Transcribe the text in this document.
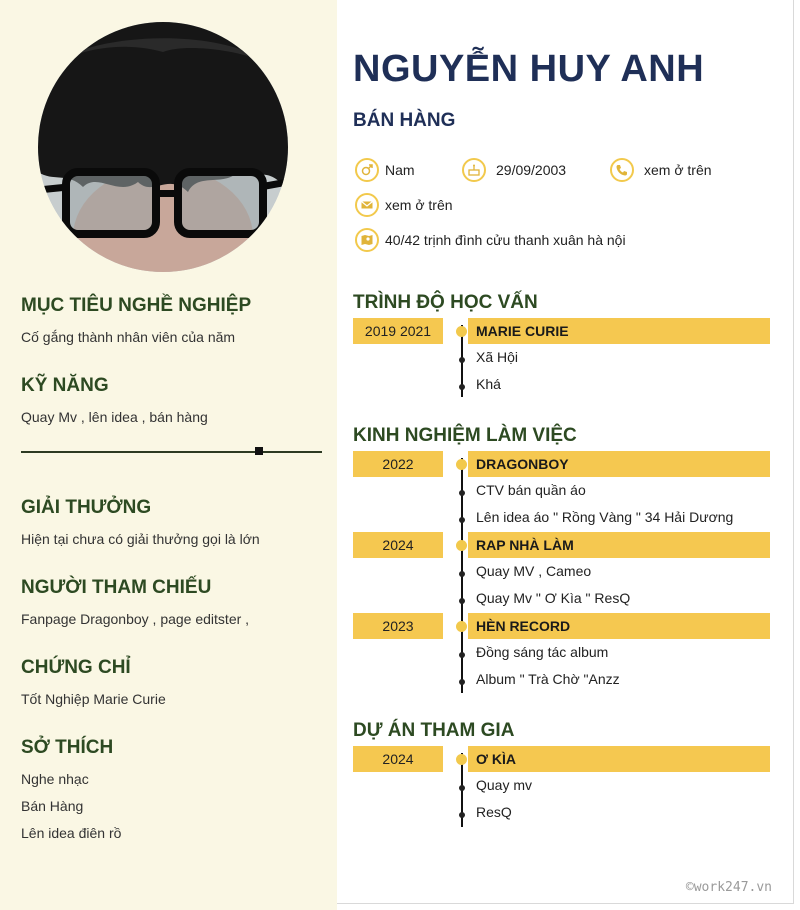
MỤC TIÊU NGHỀ NGHIỆP
Cố gắng thành nhân viên của năm
KỸ NĂNG
Quay Mv , lên idea , bán hàng
GIẢI THƯỞNG
Hiện tại chưa có giải thưởng gọi là lớn
NGƯỜI THAM CHIẾU
Fanpage Dragonboy , page editster ,
CHỨNG CHỈ
Tốt Nghiệp Marie Curie
SỞ THÍCH
Nghe nhạc
Bán Hàng
Lên idea điên rồ
NGUYỄN HUY ANH
BÁN HÀNG
Nam	29/09/2003	xem ở trên
xem ở trên
40/42 trịnh đình cửu thanh xuân hà nội
TRÌNH ĐỘ HỌC VẤN
2019 2021	MARIE CURIE
Xã Hội
Khá
KINH NGHIỆM LÀM VIỆC
2022	DRAGONBOY
CTV bán quần áo
Lên idea áo " Rồng Vàng " 34 Hải Dương
2024	RAP NHÀ LÀM
Quay MV , Cameo
Quay Mv " Ơ Kìa " ResQ
2023	HÈN RECORD
Đồng sáng tác album
Album " Trà Chờ "Anzz
DỰ ÁN THAM GIA
2024	Ơ KÌA
Quay mv
ResQ
©work247.vn
